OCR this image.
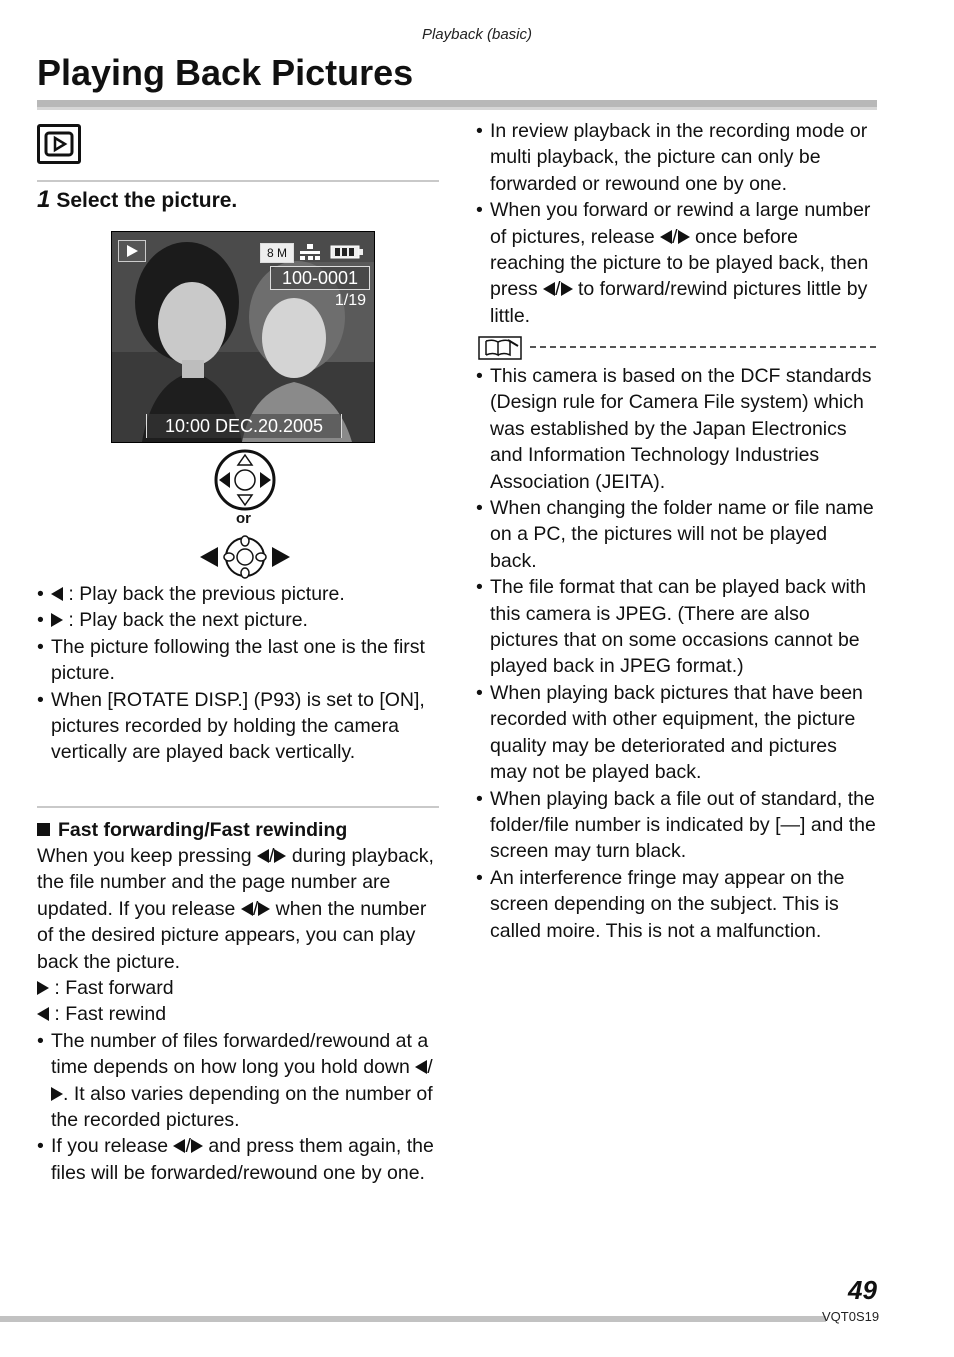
Playback (basic)
Playing Back Pictures
1 Select the picture.
8 M
100-0001
1/19
10:00 DEC.20.2005
or
• : Play back the previous picture.
• : Play back the next picture.
• The picture following the last one is the first picture.
• When [ROTATE DISP.] (P93) is set to [ON], pictures recorded by holding the camera vertically are played back vertically.
Fast forwarding/Fast rewinding

When you keep pressing / during playback, the file number and the page number are updated. If you release / when the number of the desired picture appears, you can play back the picture.

: Fast forward

: Fast rewind

• The number of files forwarded/rewound at a time depends on how long you hold down /. It also varies depending on the number of the recorded pictures.
• If you release / and press them again, the files will be forwarded/rewound one by one.
• In review playback in the recording mode or multi playback, the picture can only be forwarded or rewound one by one.
• When you forward or rewind a large number of pictures, release / once before reaching the picture to be played back, then press / to forward/rewind pictures little by little.
• This camera is based on the DCF standards (Design rule for Camera File system) which was established by the Japan Electronics and Information Technology Industries Association (JEITA).
• When changing the folder name or file name on a PC, the pictures will not be played back.
• The file format that can be played back with this camera is JPEG. (There are also pictures that on some occasions cannot be played back in JPEG format.)
• When playing back pictures that have been recorded with other equipment, the picture quality may be deteriorated and pictures may not be played back.
• When playing back a file out of standard, the folder/file number is indicated by [—] and the screen may turn black.
• An interference fringe may appear on the screen depending on the subject. This is called moire. This is not a malfunction.
49
VQT0S19
